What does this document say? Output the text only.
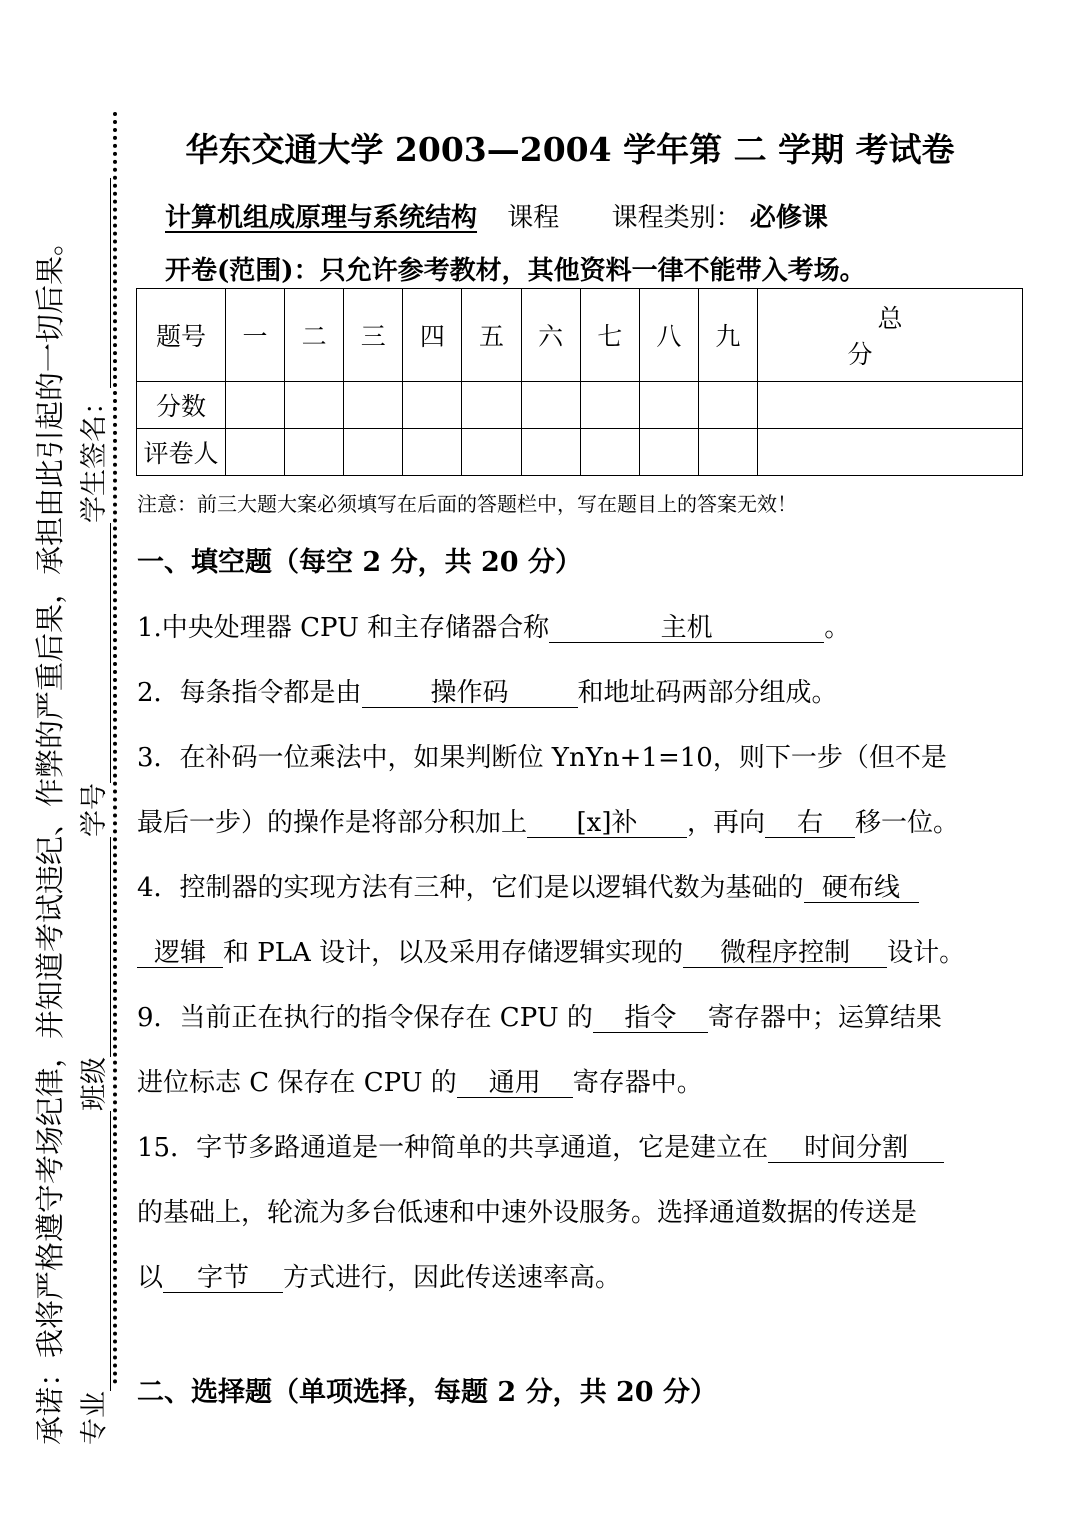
承诺：我将严格遵守考场纪律，并知道考试违纪、作弊的严重后果，承担由此引起的一切后果。 专业
班级
学号
学生签名：
华东交通大学 2003—2004 学年第 二 学期 考试卷
计算机组成原理与系统结构 课程 课程类别： 必修课
开卷(范围)：只允许参考教材，其他资料一律不能带入考场。
题号	一	二	三	四	五	六	七	八	九	总 分
分数										
评卷人										
注意：前三大题大案必须填写在后面的答题栏中，写在题目上的答案无效！
一、填空题（每空 2 分，共 20 分）
1.中央处理器 CPU 和主存储器合称	主机	。
2．每条指令都是由	操作码	和地址码两部分组成。
3．在补码一位乘法中，如果判断位 YnYn+1=10，则下一步（但不是
最后一步）的操作是将部分积加上 [x]补 ，再向 右 移一位。
4．控制器的实现方法有三种，它们是以逻辑代数为基础的 硬布线
逻辑 和 PLA 设计，以及采用存储逻辑实现的 微程序控制 设计。
9．当前正在执行的指令保存在 CPU 的 指令 寄存器中；运算结果
进位标志 C 保存在 CPU 的 通用 寄存器中。
15．字节多路通道是一种简单的共享通道，它是建立在 时间分割
的基础上，轮流为多台低速和中速外设服务。选择通道数据的传送是
以 字节 方式进行，因此传送速率高。
二、选择题（单项选择，每题 2 分，共 20 分）
